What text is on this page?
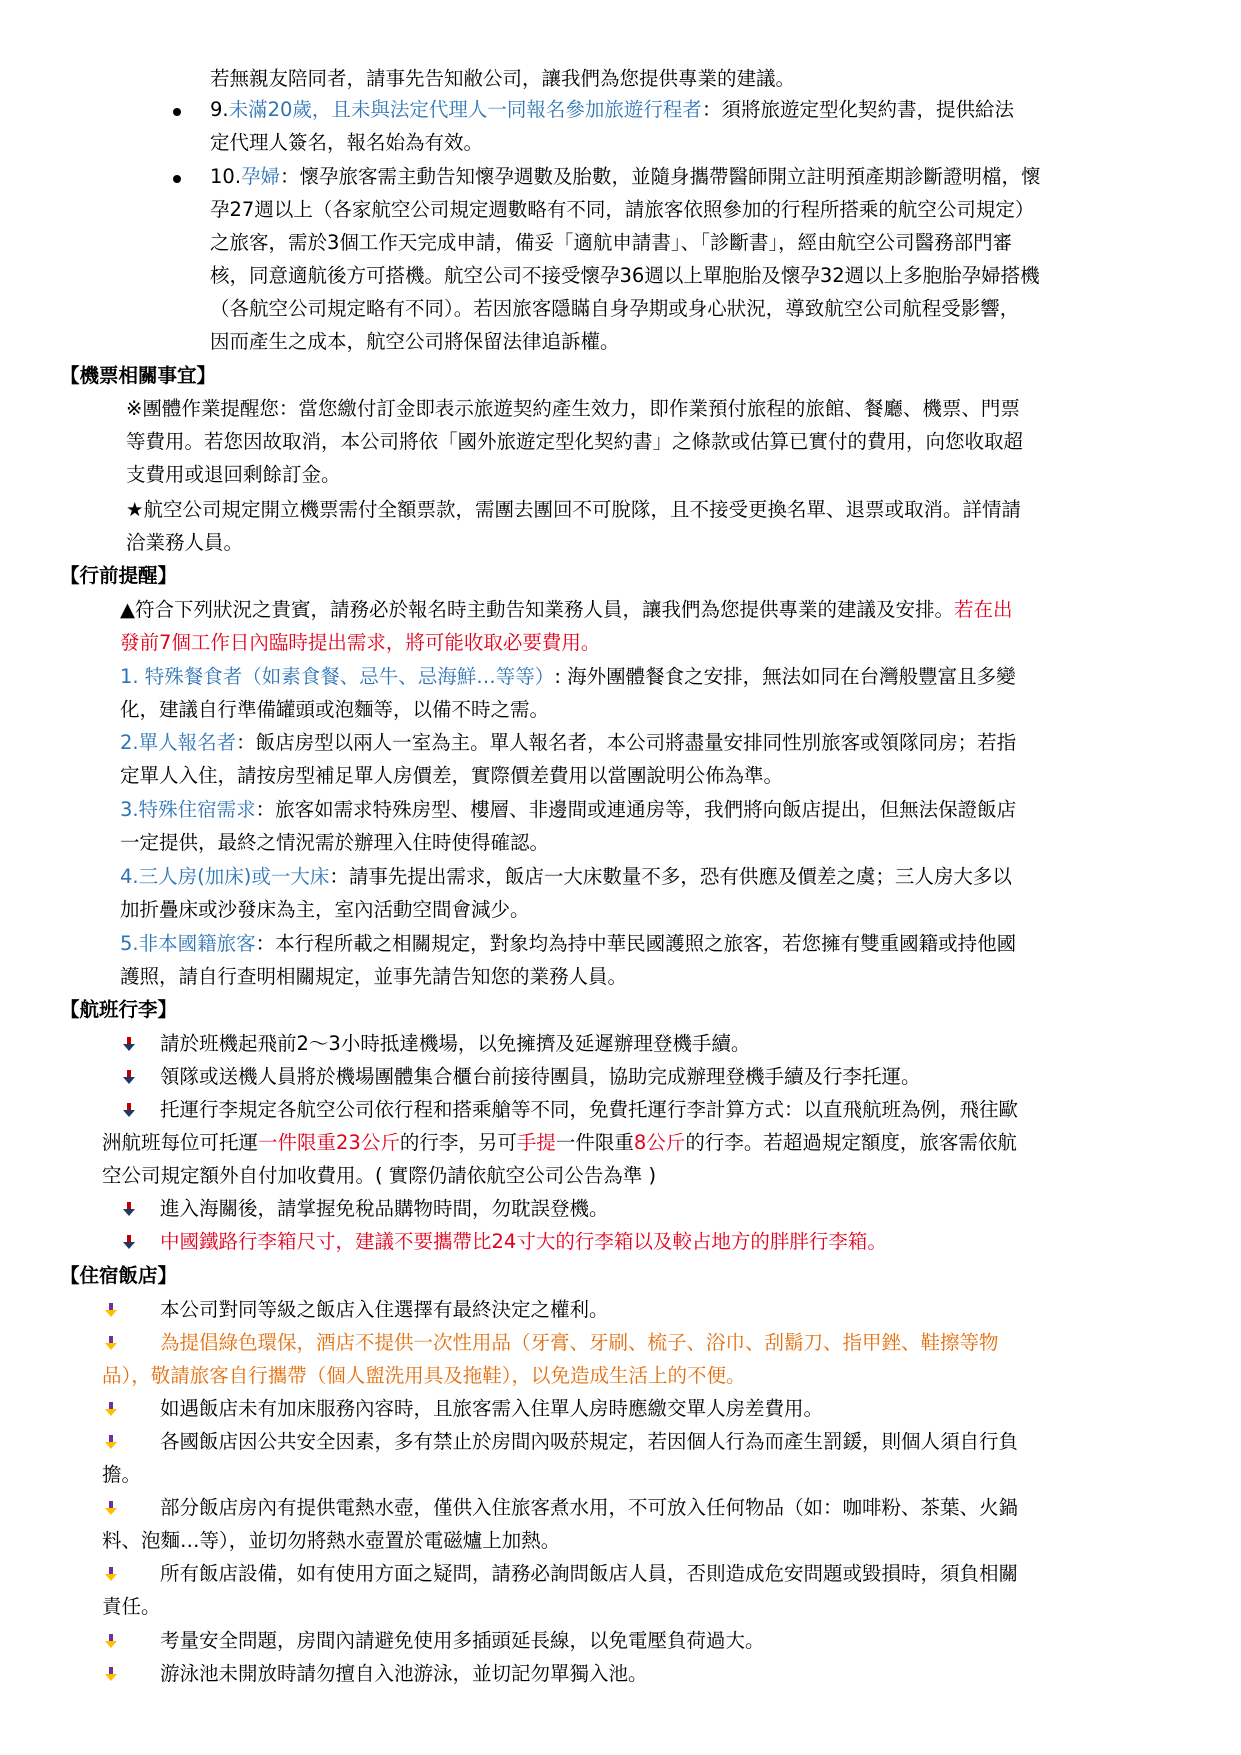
若無親友陪同者，請事先告知敝公司，讓我們為您提供專業的建議。
9.未滿20歲，且未與法定代理人一同報名參加旅遊行程者：須將旅遊定型化契約書，提供給法
定代理人簽名，報名始為有效。
10.孕婦：懷孕旅客需主動告知懷孕週數及胎數，並隨身攜帶醫師開立註明預產期診斷證明檔，懷
孕27週以上（各家航空公司規定週數略有不同，請旅客依照參加的行程所搭乘的航空公司規定）
之旅客，需於3個工作天完成申請，備妥「適航申請書」、「診斷書」，經由航空公司醫務部門審
核，同意適航後方可搭機。航空公司不接受懷孕36週以上單胞胎及懷孕32週以上多胞胎孕婦搭機
（各航空公司規定略有不同）。若因旅客隱瞞自身孕期或身心狀況，導致航空公司航程受影響，
因而產生之成本，航空公司將保留法律追訴權。
【機票相關事宜】
※團體作業提醒您：當您繳付訂金即表示旅遊契約產生效力，即作業預付旅程的旅館、餐廳、機票、門票
等費用。若您因故取消，本公司將依「國外旅遊定型化契約書」之條款或估算已實付的費用，向您收取超
支費用或退回剩餘訂金。
★航空公司規定開立機票需付全額票款，需團去團回不可脫隊，且不接受更換名單、退票或取消。詳情請
洽業務人員。
【行前提醒】
▲符合下列狀況之貴賓，請務必於報名時主動告知業務人員，讓我們為您提供專業的建議及安排。若在出
發前7個工作日內臨時提出需求，將可能收取必要費用。
1. 特殊餐食者（如素食餐、忌牛、忌海鮮…等等）: 海外團體餐食之安排，無法如同在台灣般豐富且多變
化，建議自行準備罐頭或泡麵等，以備不時之需。
2.單人報名者：飯店房型以兩人一室為主。單人報名者，本公司將盡量安排同性別旅客或領隊同房；若指
定單人入住，請按房型補足單人房價差，實際價差費用以當團說明公佈為準。
3.特殊住宿需求：旅客如需求特殊房型、樓層、非邊間或連通房等，我們將向飯店提出，但無法保證飯店
一定提供，最終之情況需於辦理入住時使得確認。
4.三人房(加床)或一大床：請事先提出需求，飯店一大床數量不多，恐有供應及價差之虞；三人房大多以
加折疊床或沙發床為主，室內活動空間會減少。
5.非本國籍旅客：本行程所載之相關規定，對象均為持中華民國護照之旅客，若您擁有雙重國籍或持他國
護照，請自行查明相關規定，並事先請告知您的業務人員。
【航班行李】
請於班機起飛前2～3小時抵達機場，以免擁擠及延遲辦理登機手續。
領隊或送機人員將於機場團體集合櫃台前接待團員，協助完成辦理登機手續及行李托運。
托運行李規定各航空公司依行程和搭乘艙等不同，免費托運行李計算方式：以直飛航班為例，飛往歐
洲航班每位可托運一件限重23公斤的行李，另可手提一件限重8公斤的行李。若超過規定額度，旅客需依航
空公司規定額外自付加收費用。( 實際仍請依航空公司公告為準 )
進入海關後，請掌握免稅品購物時間，勿耽誤登機。
中國鐵路行李箱尺寸，建議不要攜帶比24寸大的行李箱以及較占地方的胖胖行李箱。
【住宿飯店】
本公司對同等級之飯店入住選擇有最終決定之權利。
為提倡綠色環保，酒店不提供一次性用品（牙膏、牙刷、梳子、浴巾、刮鬍刀、指甲銼、鞋擦等物
品），敬請旅客自行攜帶（個人盥洗用具及拖鞋），以免造成生活上的不便。
如遇飯店未有加床服務內容時，且旅客需入住單人房時應繳交單人房差費用。
各國飯店因公共安全因素，多有禁止於房間內吸菸規定，若因個人行為而產生罰鍰，則個人須自行負
擔。
部分飯店房內有提供電熱水壺，僅供入住旅客煮水用，不可放入任何物品（如：咖啡粉、茶葉、火鍋
料、泡麵…等），並切勿將熱水壺置於電磁爐上加熱。
所有飯店設備，如有使用方面之疑問，請務必詢問飯店人員，否則造成危安問題或毀損時，須負相關
責任。
考量安全問題，房間內請避免使用多插頭延長線，以免電壓負荷過大。
游泳池未開放時請勿擅自入池游泳，並切記勿單獨入池。
